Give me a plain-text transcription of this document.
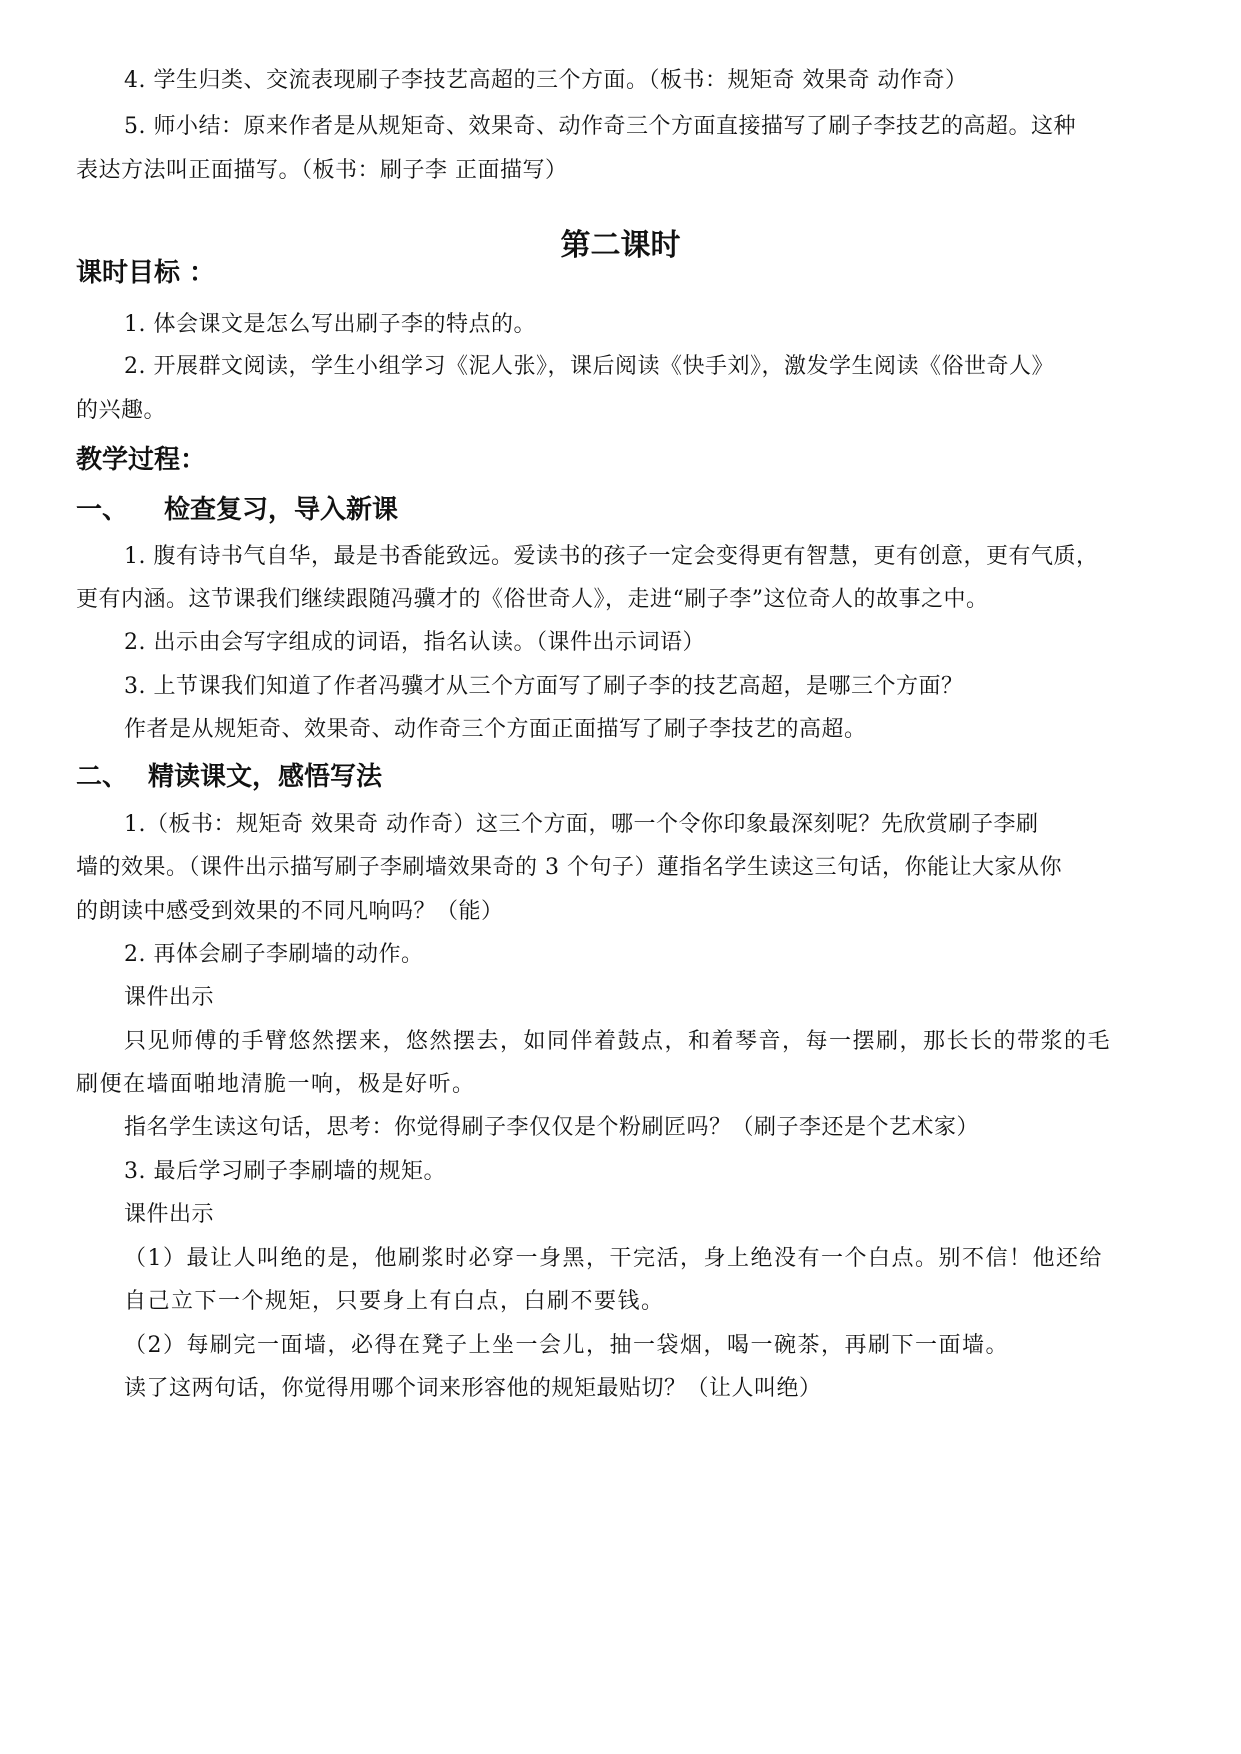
4. 学生归类、交流表现刷子李技艺高超的三个方面。（板书：规矩奇 效果奇 动作奇）
5. 师小结：原来作者是从规矩奇、效果奇、动作奇三个方面直接描写了刷子李技艺的高超。这种
表达方法叫正面描写。（板书：刷子李 正面描写）
第二课时
课时目标 ：
1. 体会课文是怎么写出刷子李的特点的。
2. 开展群文阅读，学生小组学习《泥人张》，课后阅读《快手刘》，激发学生阅读《俗世奇人》
的兴趣。
教学过程：
一、 检查复习，导入新课
1. 腹有诗书气自华，最是书香能致远。爱读书的孩子一定会变得更有智慧，更有创意，更有气质，
更有内涵。这节课我们继续跟随冯骥才的《俗世奇人》，走进“刷子李”这位奇人的故事之中。
2. 出示由会写字组成的词语，指名认读。（课件出示词语）
3. 上节课我们知道了作者冯骥才从三个方面写了刷子李的技艺高超，是哪三个方面？
作者是从规矩奇、效果奇、动作奇三个方面正面描写了刷子李技艺的高超。
二、 精读课文，感悟写法
1.（板书：规矩奇 效果奇 动作奇）这三个方面，哪一个令你印象最深刻呢？先欣赏刷子李刷
墙的效果。（课件出示描写刷子李刷墙效果奇的 3 个句子）蓮指名学生读这三句话，你能让大家从你
的朗读中感受到效果的不同凡响吗？（能）
2. 再体会刷子李刷墙的动作。
课件出示
只见师傅的手臂悠然摆来，悠然摆去，如同伴着鼓点，和着琴音，每一摆刷，那长长的带浆的毛
刷便在墙面啪地清脆一响，极是好听。
指名学生读这句话，思考：你觉得刷子李仅仅是个粉刷匠吗？（刷子李还是个艺术家）
3. 最后学习刷子李刷墙的规矩。
课件出示
（1）最让人叫绝的是，他刷浆时必穿一身黑，干完活，身上绝没有一个白点。别不信！他还给
自己立下一个规矩，只要身上有白点，白刷不要钱。
（2）每刷完一面墙，必得在凳子上坐一会儿，抽一袋烟，喝一碗茶，再刷下一面墙。
读了这两句话，你觉得用哪个词来形容他的规矩最贴切？（让人叫绝）
